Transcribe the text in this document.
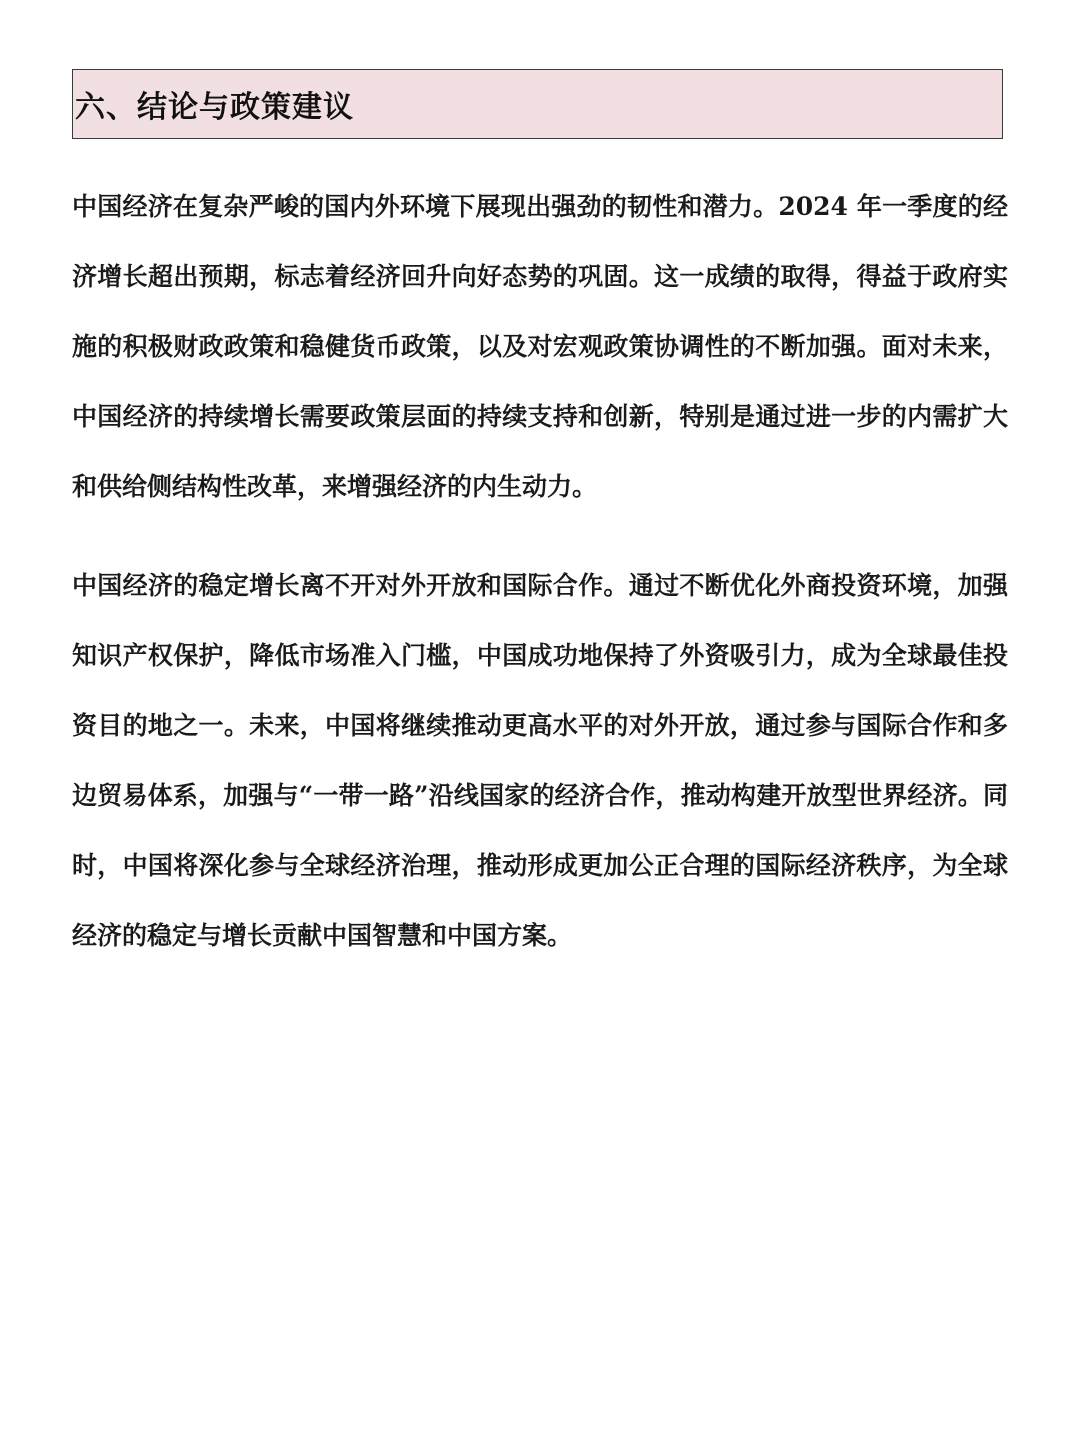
六、结论与政策建议

中国经济在复杂严峻的国内外环境下展现出强劲的韧性和潜力。2024 年一季度的经济增长超出预期，标志着经济回升向好态势的巩固。这一成绩的取得，得益于政府实施的积极财政政策和稳健货币政策，以及对宏观政策协调性的不断加强。面对未来，中国经济的持续增长需要政策层面的持续支持和创新，特别是通过进一步的内需扩大和供给侧结构性改革，来增强经济的内生动力。

中国经济的稳定增长离不开对外开放和国际合作。通过不断优化外商投资环境，加强知识产权保护，降低市场准入门槛，中国成功地保持了外资吸引力，成为全球最佳投资目的地之一。未来，中国将继续推动更高水平的对外开放，通过参与国际合作和多边贸易体系，加强与“一带一路”沿线国家的经济合作，推动构建开放型世界经济。同时，中国将深化参与全球经济治理，推动形成更加公正合理的国际经济秩序，为全球经济的稳定与增长贡献中国智慧和中国方案。
